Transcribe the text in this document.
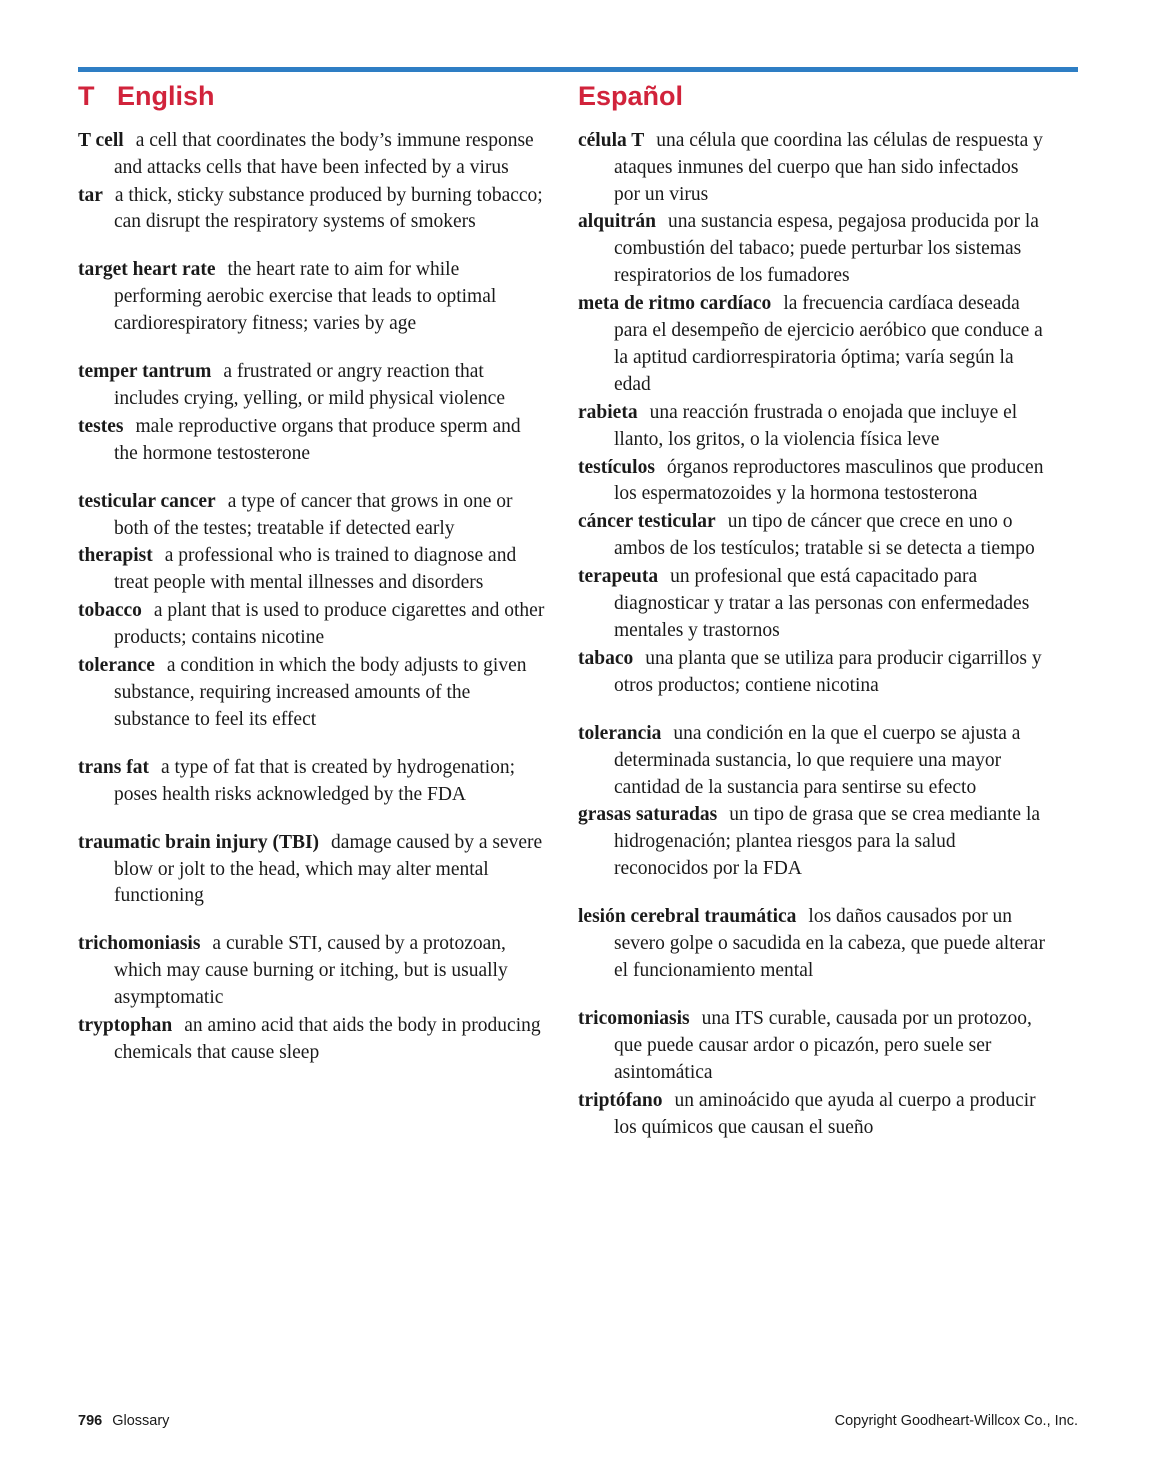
T English

T cell a cell that coordinates the body’s immune response and attacks cells that have been infected by a virus

tar a thick, sticky substance produced by burning tobacco; can disrupt the respiratory systems of smokers

target heart rate the heart rate to aim for while performing aerobic exercise that leads to optimal cardiorespiratory fitness; varies by age

temper tantrum a frustrated or angry reaction that includes crying, yelling, or mild physical violence

testes male reproductive organs that produce sperm and the hormone testosterone

testicular cancer a type of cancer that grows in one or both of the testes; treatable if detected early

therapist a professional who is trained to diagnose and treat people with mental illnesses and disorders

tobacco a plant that is used to produce cigarettes and other products; contains nicotine

tolerance a condition in which the body adjusts to given substance, requiring increased amounts of the substance to feel its effect

trans fat a type of fat that is created by hydrogenation; poses health risks acknowledged by the FDA

traumatic brain injury (TBI) damage caused by a severe blow or jolt to the head, which may alter mental functioning

trichomoniasis a curable STI, caused by a protozoan, which may cause burning or itching, but is usually asymptomatic

tryptophan an amino acid that aids the body in producing chemicals that cause sleep

Español

célula T una célula que coordina las células de respuesta y ataques inmunes del cuerpo que han sido infectados por un virus

alquitrán una sustancia espesa, pegajosa producida por la combustión del tabaco; puede perturbar los sistemas respiratorios de los fumadores

meta de ritmo cardíaco la frecuencia cardíaca deseada para el desempeño de ejercicio aeróbico que conduce a la aptitud cardiorrespiratoria óptima; varía según la edad

rabieta una reacción frustrada o enojada que incluye el llanto, los gritos, o la violencia física leve

testículos órganos reproductores masculinos que producen los espermatozoides y la hormona testosterona

cáncer testicular un tipo de cáncer que crece en uno o ambos de los testículos; tratable si se detecta a tiempo

terapeuta un profesional que está capacitado para diagnosticar y tratar a las personas con enfermedades mentales y trastornos

tabaco una planta que se utiliza para producir cigarrillos y otros productos; contiene nicotina

tolerancia una condición en la que el cuerpo se ajusta a determinada sustancia, lo que requiere una mayor cantidad de la sustancia para sentirse su efecto

grasas saturadas un tipo de grasa que se crea mediante la hidrogenación; plantea riesgos para la salud reconocidos por la FDA

lesión cerebral traumática los daños causados por un severo golpe o sacudida en la cabeza, que puede alterar el funcionamiento mental

tricomoniasis una ITS curable, causada por un protozoo, que puede causar ardor o picazón, pero suele ser asintomática

triptófano un aminoácido que ayuda al cuerpo a producir los químicos que causan el sueño

796 Glossary	Copyright Goodheart-Willcox Co., Inc.
